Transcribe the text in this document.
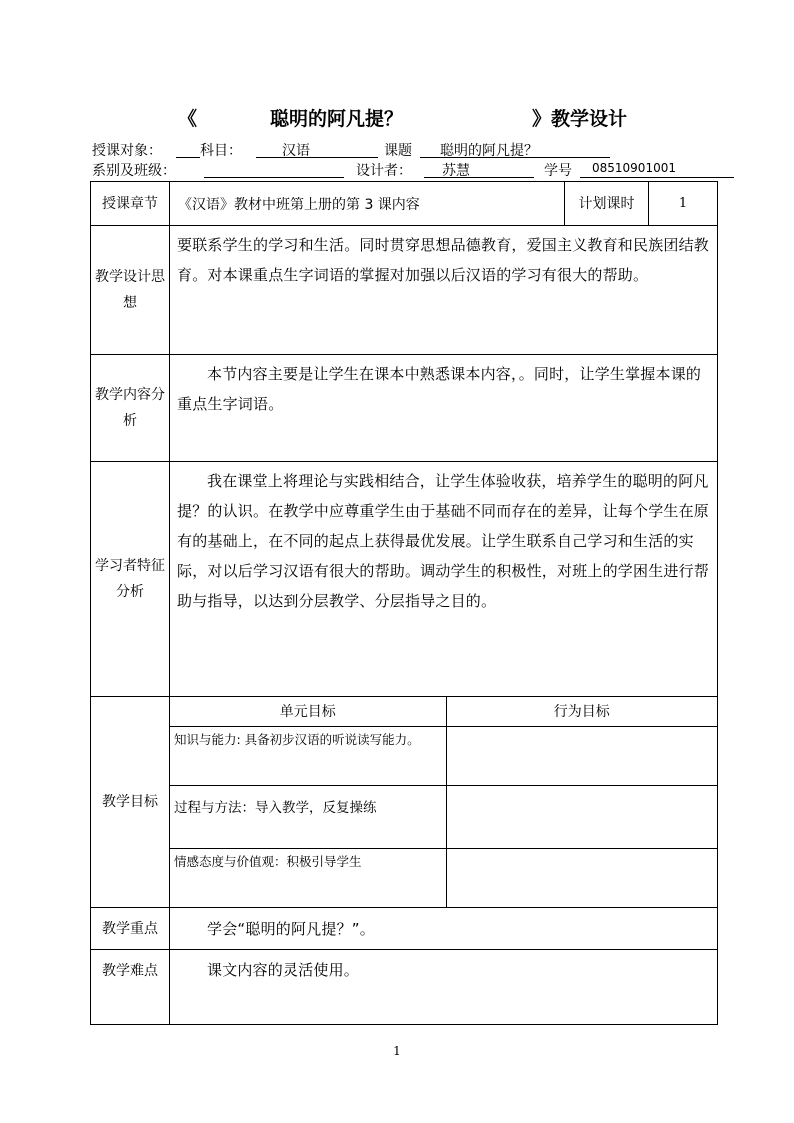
《	聪明的阿凡提？	》教学设计
授课对象：	科目：	汉语	课题 聪明的阿凡提？
系别及班级：	设计者： 苏慧	学号 08510901001
授课章节	《汉语》教材中班第上册的第 3 课内容	计划课时	1
教学设计思想	要联系学生的学习和生活。同时贯穿思想品德教育，爱国主义教育和民族团结教育。对本课重点生字词语的掌握对加强以后汉语的学习有很大的帮助。
教学内容分析	本节内容主要是让学生在课本中熟悉课本内容，。同时，让学生掌握本课的重点生字词语。
学习者特征分析	我在课堂上将理论与实践相结合，让学生体验收获，培养学生的聪明的阿凡提？的认识。在教学中应尊重学生由于基础不同而存在的差异，让每个学生在原有的基础上，在不同的起点上获得最优发展。让学生联系自己学习和生活的实际，对以后学习汉语有很大的帮助。调动学生的积极性，对班上的学困生进行帮助与指导，以达到分层教学、分层指导之目的。
教学目标	
单元目标	行为目标
知识与能力: 具备初步汉语的听说读写能力。	
过程与方法：导入教学，反复操练	
情感态度与价值观：积极引导学生	

教学重点	学会“聪明的阿凡提？”。
教学难点	课文内容的灵活使用。
1
